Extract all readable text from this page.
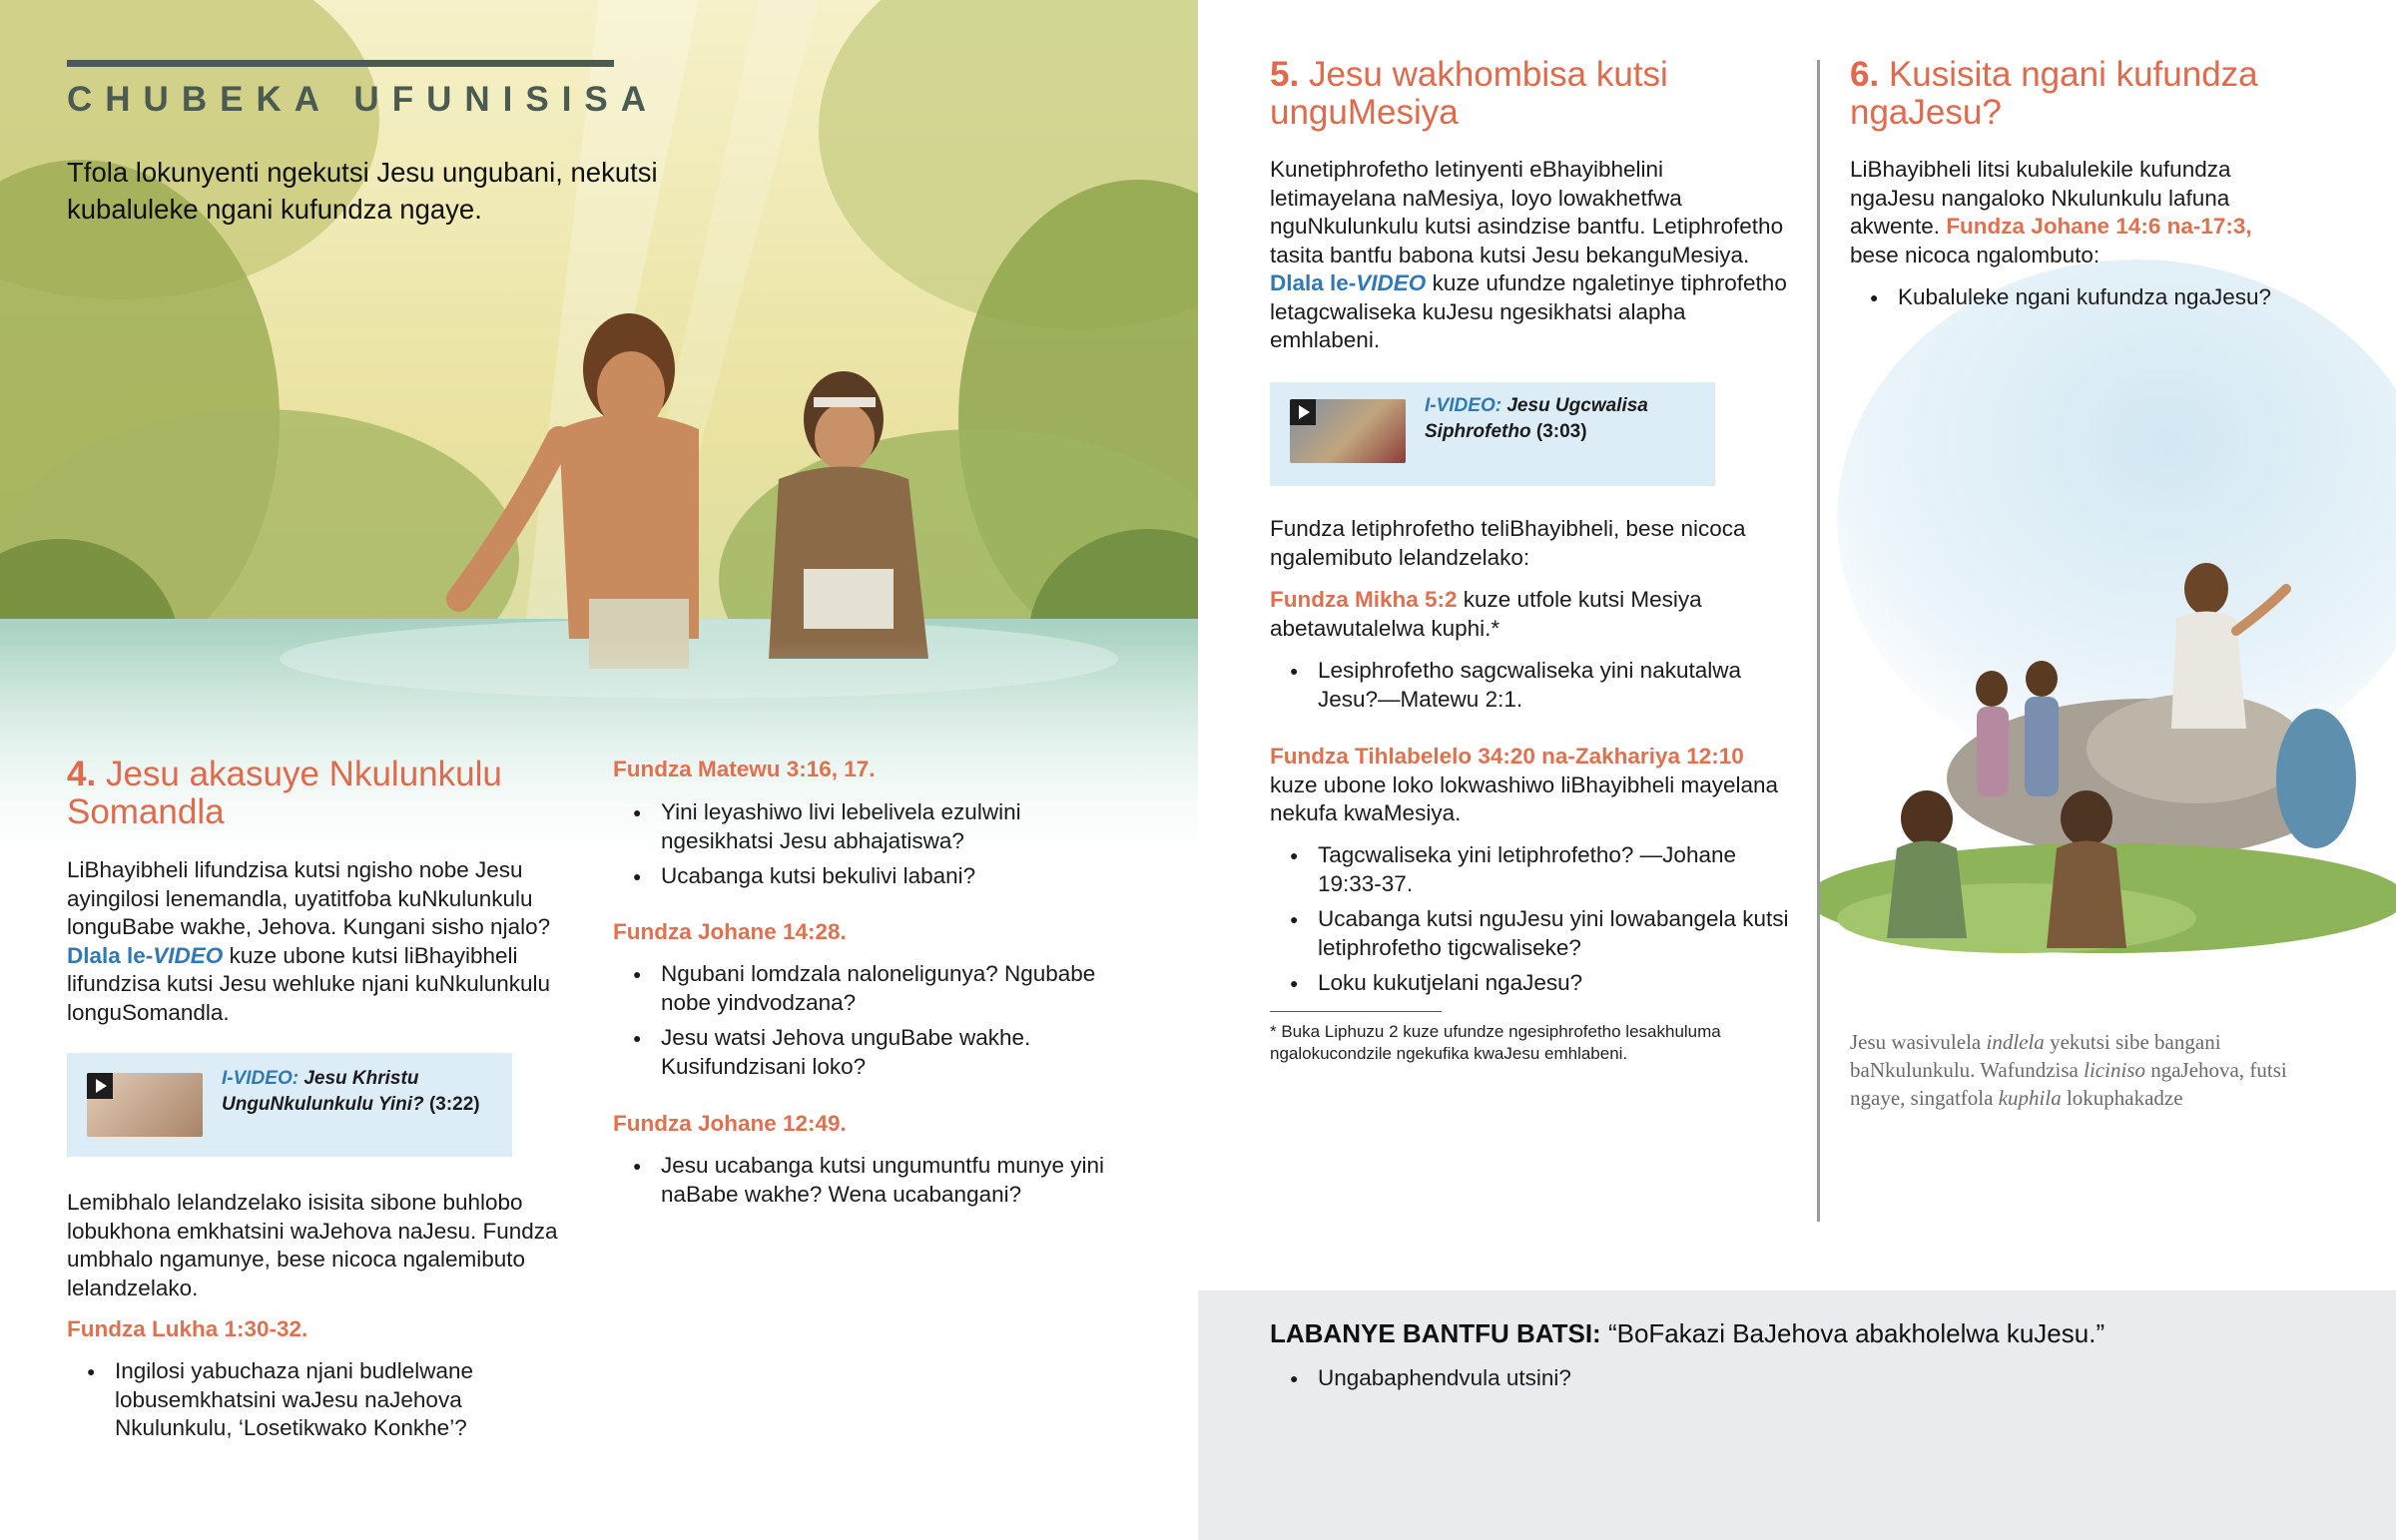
CHUBEKA UFUNISISA
Tfola lokunyenti ngekutsi Jesu ungubani, nekutsi kubaluleke ngani kufundza ngaye.
4. Jesu akasuye Nkulunkulu Somandla
LiBhayibheli lifundzisa kutsi ngisho nobe Jesu ayingilosi lenemandla, uyatitfoba kuNkulunkulu longuBabe wakhe, Jehova. Kungani sisho njalo? Dlala le-VIDEO kuze ubone kutsi liBhayibheli lifundzisa kutsi Jesu wehluke njani kuNkulunkulu longuSomandla.
I-VIDEO: Jesu Khristu UnguNkulunkulu Yini? (3:22)
Lemibhalo lelandzelako isisita sibone buhlobo lobukhona emkhatsini waJehova naJesu. Fundza umbhalo ngamunye, bese nicoca ngalemibuto lelandzelako.
Fundza Lukha 1:30-32.
● Ingilosi yabuchaza njani budlelwane lobusemkhatsini waJesu naJehova Nkulunkulu, ‘Losetikwako Konkhe’?
Fundza Matewu 3:16, 17.
● Yini leyashiwo livi lebelivela ezulwini ngesikhatsi Jesu abhajatiswa?
● Ucabanga kutsi bekulivi labani?
Fundza Johane 14:28.
● Ngubani lomdzala naloneligunya? Ngubabe nobe yindvodzana?
● Jesu watsi Jehova unguBabe wakhe. Kusifundzisani loko?
Fundza Johane 12:49.
● Jesu ucabanga kutsi ungumuntfu munye yini naBabe wakhe? Wena ucabangani?
5. Jesu wakhombisa kutsi unguMesiya
Kunetiphrofetho letinyenti eBhayibhelini letimayelana naMesiya, loyo lowakhetfwa nguNkulunkulu kutsi asindzise bantfu. Letiphrofetho tasita bantfu babona kutsi Jesu bekanguMesiya. Dlala le-VIDEO kuze ufundze ngaletinye tiphrofetho letagcwaliseka kuJesu ngesikhatsi alapha emhlabeni.
I-VIDEO: Jesu Ugcwalisa Siphrofetho (3:03)
Fundza letiphrofetho teliBhayibheli, bese nicoca ngalemibuto lelandzelako:
Fundza Mikha 5:2 kuze utfole kutsi Mesiya abetawutalelwa kuphi.*
● Lesiphrofetho sagcwaliseka yini nakutalwa Jesu?—Matewu 2:1.
Fundza Tihlabelelo 34:20 na-Zakhariya 12:10
kuze ubone loko lokwashiwo liBhayibheli mayelana nekufa kwaMesiya.
● Tagcwaliseka yini letiphrofetho? —Johane 19:33-37.
● Ucabanga kutsi nguJesu yini lowabangela kutsi letiphrofetho tigcwaliseke?
● Loku kukutjelani ngaJesu?
* Buka Liphuzu 2 kuze ufundze ngesiphrofetho lesakhuluma ngalokucondzile ngekufika kwaJesu emhlabeni.
6. Kusisita ngani kufundza ngaJesu?
LiBhayibheli litsi kubalulekile kufundza ngaJesu nangaloko Nkulunkulu lafuna akwente. Fundza Johane 14:6 na-17:3, bese nicoca ngalombuto:
● Kubaluleke ngani kufundza ngaJesu?
Jesu wasivulela indlela yekutsi sibe bangani baNkulunkulu. Wafundzisa liciniso ngaJehova, futsi ngaye, singatfola kuphila lokuphakadze
LABANYE BANTFU BATSI: “BoFakazi BaJehova abakholelwa kuJesu.”
● Ungabaphendvula utsini?
